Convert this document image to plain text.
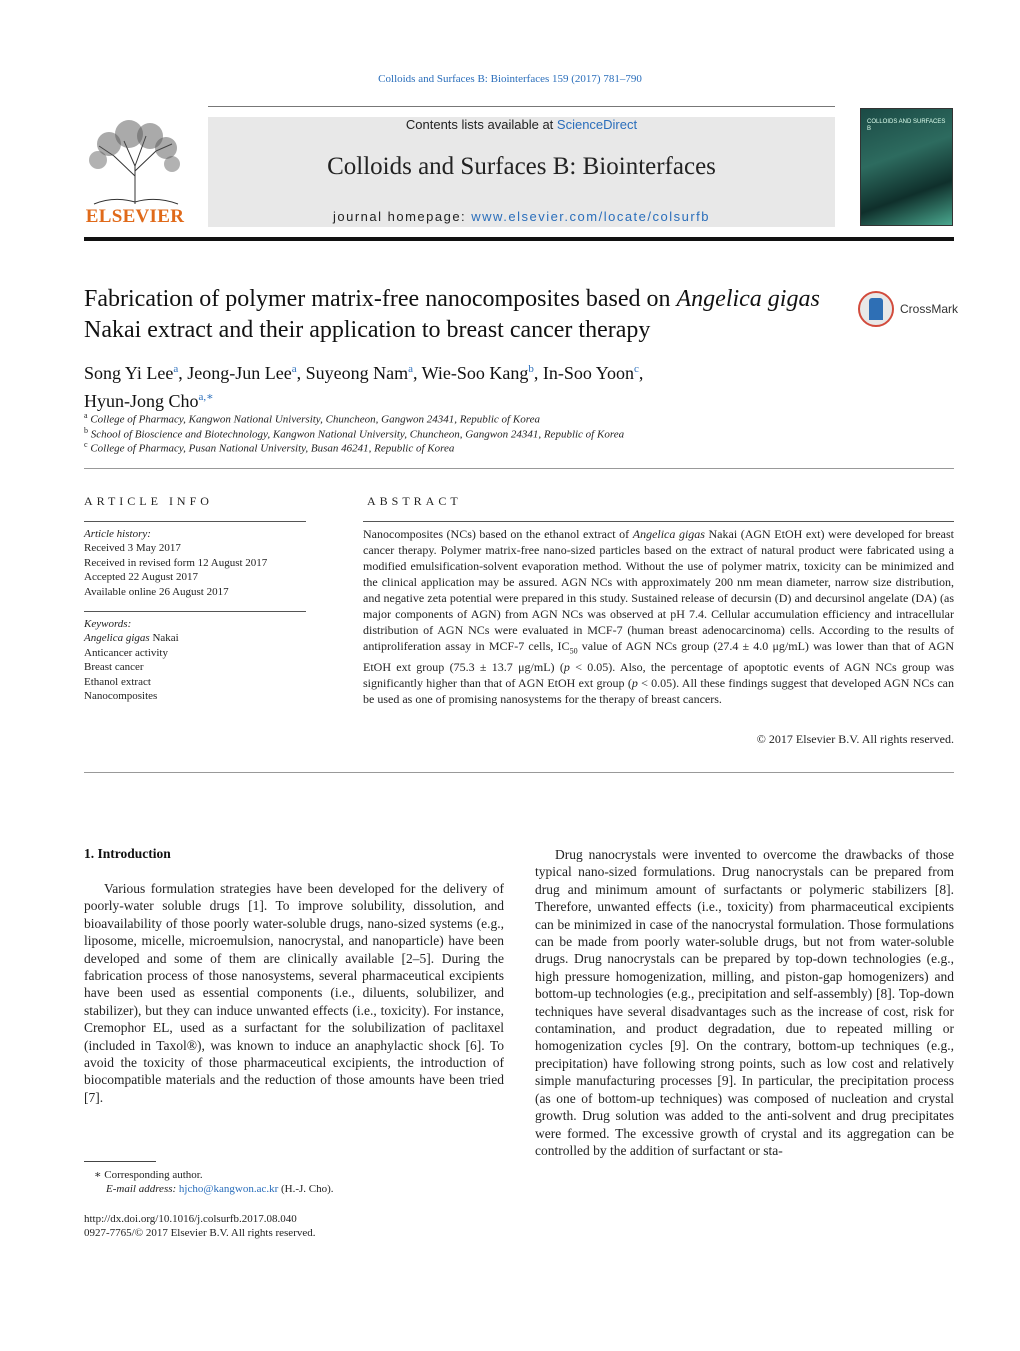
Colloids and Surfaces B: Biointerfaces 159 (2017) 781–790
ELSEVIER
Contents lists available at ScienceDirect
Colloids and Surfaces B: Biointerfaces
journal homepage: www.elsevier.com/locate/colsurfb
COLLOIDS AND SURFACES B
Fabrication of polymer matrix-free nanocomposites based on Angelica gigas Nakai extract and their application to breast cancer therapy
CrossMark
Song Yi Lee$^a$, Jeong-Jun Lee$^a$, Suyeong Nam$^a$, Wie-Soo Kang$^b$, In-Soo Yoon$^c$,
Hyun-Jong Cho$^{a,∗}$
$^a$ College of Pharmacy, Kangwon National University, Chuncheon, Gangwon 24341, Republic of Korea
$^b$ School of Bioscience and Biotechnology, Kangwon National University, Chuncheon, Gangwon 24341, Republic of Korea
$^c$ College of Pharmacy, Pusan National University, Busan 46241, Republic of Korea
ARTICLE INFO
Article history:
Received 3 May 2017
Received in revised form 12 August 2017
Accepted 22 August 2017
Available online 26 August 2017
Keywords:
Angelica gigas Nakai
Anticancer activity
Breast cancer
Ethanol extract
Nanocomposites
ABSTRACT
Nanocomposites (NCs) based on the ethanol extract of Angelica gigas Nakai (AGN EtOH ext) were developed for breast cancer therapy. Polymer matrix-free nano-sized particles based on the extract of natural product were fabricated using a modified emulsification-solvent evaporation method. Without the use of polymer matrix, toxicity can be minimized and the clinical application may be assured. AGN NCs with approximately 200 nm mean diameter, narrow size distribution, and negative zeta potential were prepared in this study. Sustained release of decursin (D) and decursinol angelate (DA) (as major components of AGN) from AGN NCs was observed at pH 7.4. Cellular accumulation efficiency and intracellular distribution of AGN NCs were evaluated in MCF-7 (human breast adenocarcinoma) cells. According to the results of antiproliferation assay in MCF-7 cells, $IC_{50}$ value of AGN NCs group (27.4 ± 4.0 μg/mL) was lower than that of AGN EtOH ext group (75.3 ± 13.7 μg/mL) (p < 0.05). Also, the percentage of apoptotic events of AGN NCs group was significantly higher than that of AGN EtOH ext group (p < 0.05). All these findings suggest that developed AGN NCs can be used as one of promising nanosystems for the therapy of breast cancers.
© 2017 Elsevier B.V. All rights reserved.
1. Introduction

Various formulation strategies have been developed for the delivery of poorly-water soluble drugs [1]. To improve solubility, dissolution, and bioavailability of those poorly water-soluble drugs, nano-sized systems (e.g., liposome, micelle, microemulsion, nanocrystal, and nanoparticle) have been developed and some of them are clinically available [2–5]. During the fabrication process of those nanosystems, several pharmaceutical excipients have been used as essential components (i.e., diluents, solubilizer, and stabilizer), but they can induce unwanted effects (i.e., toxicity). For instance, Cremophor EL, used as a surfactant for the solubilization of paclitaxel (included in Taxol®), was known to induce an anaphylactic shock [6]. To avoid the toxicity of those pharmaceutical excipients, the introduction of biocompatible materials and the reduction of those amounts have been tried [7].

Drug nanocrystals were invented to overcome the drawbacks of those typical nano-sized formulations. Drug nanocrystals can be prepared from drug and minimum amount of surfactants or polymeric stabilizers [8]. Therefore, unwanted effects (i.e., toxicity) from pharmaceutical excipients can be minimized in case of the nanocrystal formulation. Those formulations can be made from poorly water-soluble drugs, but not from water-soluble drugs. Drug nanocrystals can be prepared by top-down technologies (e.g., high pressure homogenization, milling, and piston-gap homogenizers) and bottom-up technologies (e.g., precipitation and self-assembly) [8]. Top-down techniques have several disadvantages such as the increase of cost, risk for contamination, and product degradation, due to repeated milling or homogenization cycles [9]. On the contrary, bottom-up techniques (e.g., precipitation) have following strong points, such as low cost and relatively simple manufacturing processes [9]. In particular, the precipitation process (as one of bottom-up techniques) was composed of nucleation and crystal growth. Drug solution was added to the anti-solvent and drug precipitates were formed. The excessive growth of crystal and its aggregation can be controlled by the addition of surfactant or sta-

∗ Corresponding author.
E-mail address: hjcho@kangwon.ac.kr (H.-J. Cho).
http://dx.doi.org/10.1016/j.colsurfb.2017.08.040
0927-7765/© 2017 Elsevier B.V. All rights reserved.
